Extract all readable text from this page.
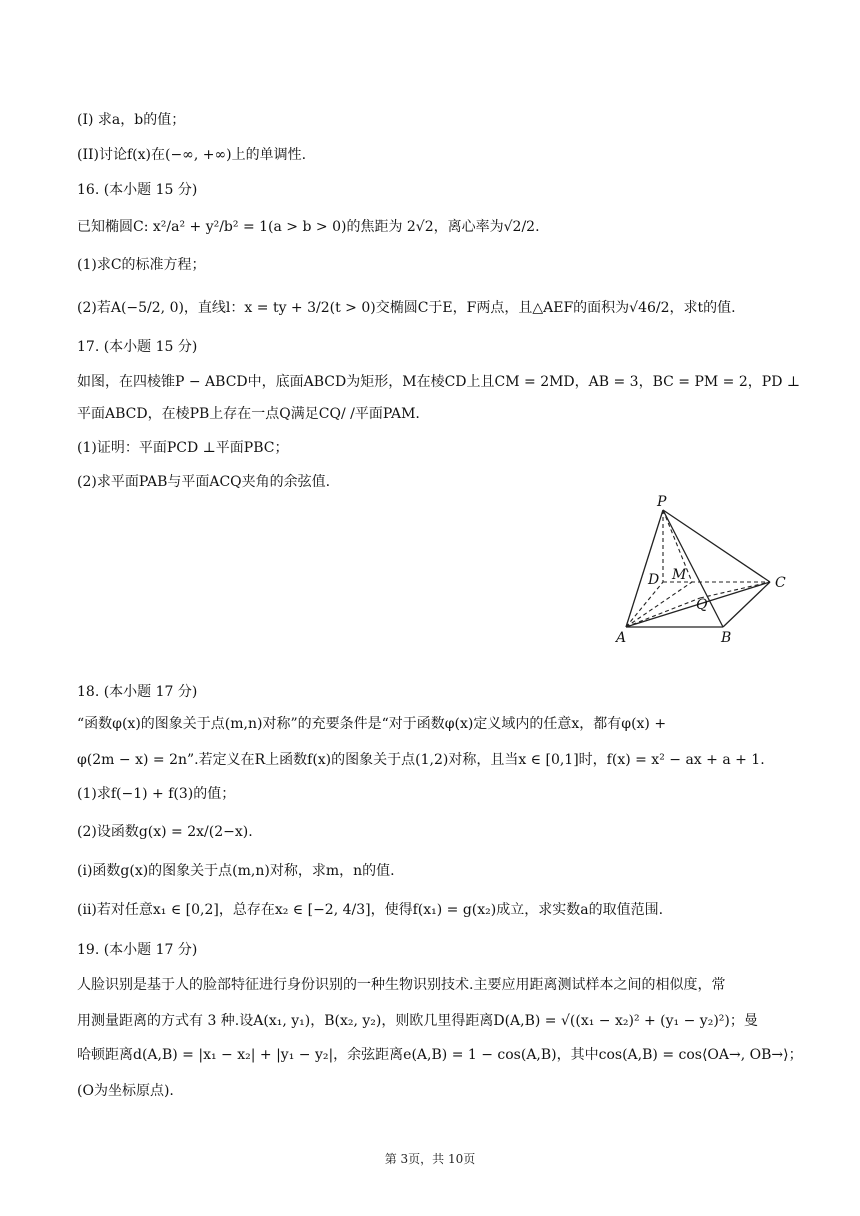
(I) 求a，b的值；
(II)讨论f(x)在(−∞, +∞)上的单调性.
16. (本小题 15 分)
已知椭圆C: x²/a² + y²/b² = 1(a > b > 0)的焦距为 2√2，离心率为√2/2.
(1)求C的标准方程；
(2)若A(−5/2, 0)，直线l：x = ty + 3/2(t > 0)交椭圆C于E，F两点，且△AEF的面积为√46/2，求t的值.
17. (本小题 15 分)
如图，在四棱锥P − ABCD中，底面ABCD为矩形，M在棱CD上且CM = 2MD，AB = 3，BC = PM = 2，PD ⊥
平面ABCD，在棱PB上存在一点Q满足CQ/ /平面PAM.
(1)证明：平面PCD ⊥平面PBC；
(2)求平面PAB与平面ACQ夹角的余弦值.
P
A	B
C
D M
Q
18. (本小题 17 分)
“函数φ(x)的图象关于点(m,n)对称”的充要条件是“对于函数φ(x)定义域内的任意x，都有φ(x) +
φ(2m − x) = 2n”.若定义在R上函数f(x)的图象关于点(1,2)对称，且当x ∈ [0,1]时，f(x) = x² − ax + a + 1.
(1)求f(−1) + f(3)的值；
(2)设函数g(x) = 2x/(2−x).
(i)函数g(x)的图象关于点(m,n)对称，求m，n的值.
(ii)若对任意x₁ ∈ [0,2]，总存在x₂ ∈ [−2, 4/3]，使得f(x₁) = g(x₂)成立，求实数a的取值范围.
19. (本小题 17 分)
人脸识别是基于人的脸部特征进行身份识别的一种生物识别技术.主要应用距离测试样本之间的相似度，常
用测量距离的方式有 3 种.设A(x₁, y₁)，B(x₂, y₂)，则欧几里得距离D(A,B) = √((x₁ − x₂)² + (y₁ − y₂)²)；曼
哈顿距离d(A,B) = |x₁ − x₂| + |y₁ − y₂|，余弦距离e(A,B) = 1 − cos(A,B)，其中cos(A,B) = cos⟨OA→, OB→⟩；
(O为坐标原点).
第 3页，共 10页
